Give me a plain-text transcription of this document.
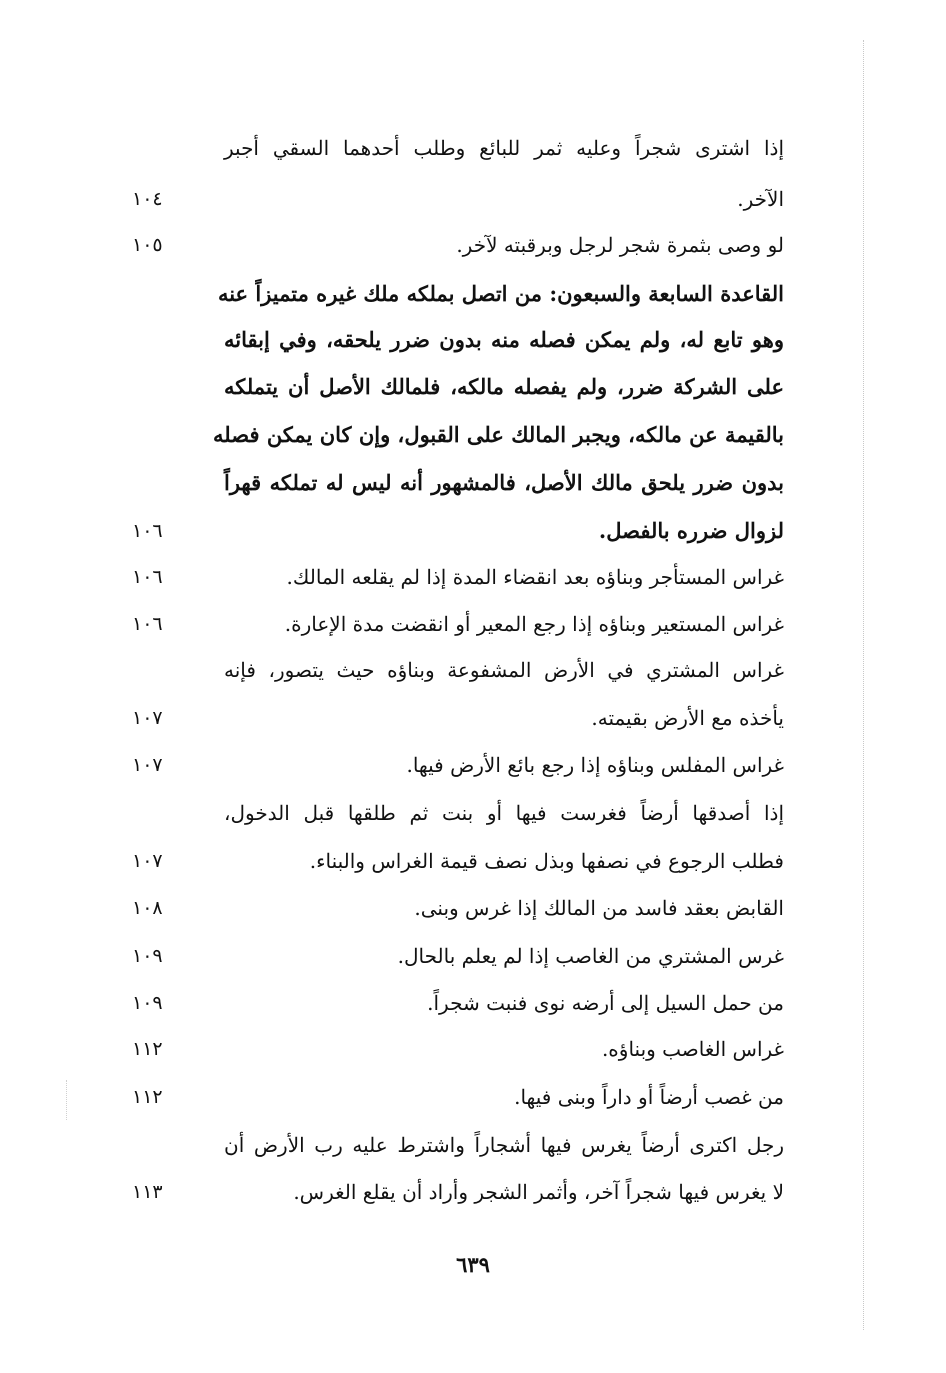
إذا اشترى شجراً وعليه ثمر للبائع وطلب أحدهما السقي أجبر
الآخر.
١٠٤
لو وصى بثمرة شجر لرجل وبرقبته لآخر.
١٠٥
القاعدة السابعة والسبعون: من اتصل بملكه ملك غيره متميزاً عنه
وهو تابع له، ولم يمكن فصله منه بدون ضرر يلحقه، وفي إبقائه
على الشركة ضرر، ولم يفصله مالكه، فلمالك الأصل أن يتملكه
بالقيمة عن مالكه، ويجبر المالك على القبول، وإن كان يمكن فصله
بدون ضرر يلحق مالك الأصل، فالمشهور أنه ليس له تملكه قهراً
لزوال ضرره بالفصل.
١٠٦
غراس المستأجر وبناؤه بعد انقضاء المدة إذا لم يقلعه المالك.
١٠٦
غراس المستعير وبناؤه إذا رجع المعير أو انقضت مدة الإعارة.
١٠٦
غراس المشتري في الأرض المشفوعة وبناؤه حيث يتصور، فإنه
يأخذه مع الأرض بقيمته.
١٠٧
غراس المفلس وبناؤه إذا رجع بائع الأرض فيها.
١٠٧
إذا أصدقها أرضاً فغرست فيها أو بنت ثم طلقها قبل الدخول،
فطلب الرجوع في نصفها وبذل نصف قيمة الغراس والبناء.
١٠٧
القابض بعقد فاسد من المالك إذا غرس وبنى.
١٠٨
غرس المشتري من الغاصب إذا لم يعلم بالحال.
١٠٩
من حمل السيل إلى أرضه نوى فنبت شجراً.
١٠٩
غراس الغاصب وبناؤه.
١١٢
من غصب أرضاً أو داراً وبنى فيها.
١١٢
رجل اكترى أرضاً يغرس فيها أشجاراً واشترط عليه رب الأرض أن
لا يغرس فيها شجراً آخر، وأثمر الشجر وأراد أن يقلع الغرس.
١١٣
٦٣٩
